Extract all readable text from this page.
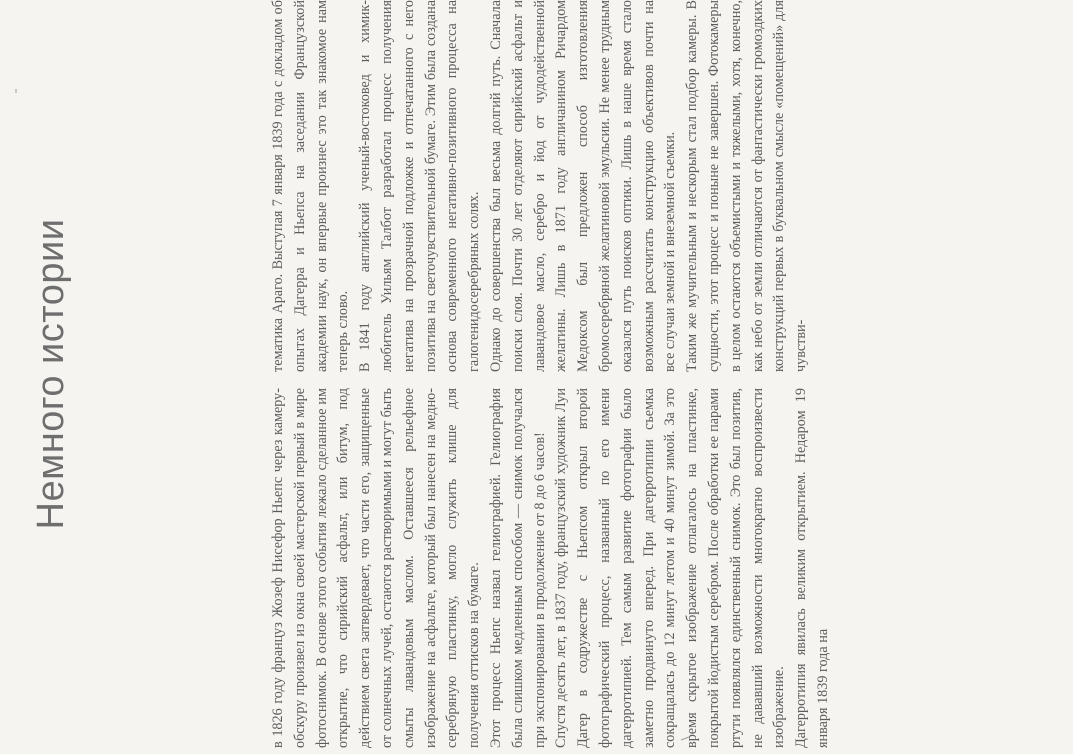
Немного истории

в 1826 году француз Жозеф Нисефор Ньепс через камеру-обскуру произвел из окна своей мастерской первый в мире фотоснимок. В основе этого события лежало сделанное им открытие, что сирийский асфальт, или битум, под действием света затвердевает, что части его, защищенные от солнечных лучей, остаются растворимыми и могут быть смыты лавандовым маслом. Оставшееся рельефное изображение на асфальте, который был нанесен на медно-серебряную пластинку, могло служить клише для получения оттисков на бумаге. Этот процесс Ньепс назвал гелиографией. Гелиография была слишком медленным способом — снимок получался при экспонировании в продолжение от 8 до 6 часов! Спустя десять лет, в 1837 году, французский художник Луи Дагер в содружестве с Ньепсом открыл второй фотографический процесс, названный по его имени дагерротипией. Тем самым развитие фотографии было заметно продвинуто вперед. При дагерротипии съемка сокращалась до 12 минут летом и 40 минут зимой. За это время скрытое изображение отлагалось на пластинке, покрытой йодистым серебром. После обработки ее парами ртути появлялся единственный снимок. Это был позитив, не дававший возможности многократно воспроизвести изображение. Дагерротипия явилась великим открытием. Недаром 19 января 1839 года на

тематика Араго. Выступая 7 января 1839 года с докладом об опытах Дагерра и Ньепса на заседании Французской академии наук, он впервые произнес это так знакомое нам теперь слово. В 1841 году английский ученый-востоковед и химик-любитель Уильям Талбот разработал процесс получения негатива на прозрачной подложке и отпечатанного с него позитива на светочувствительной бумаге. Этим была создана основа современного негативно-позитивного процесса на галогенидосеребряных солях. Однако до совершенства был весьма долгий путь. Сначала поиски слоя. Почти 30 лет отделяют сирийский асфальт и лавандовое масло, серебро и йод от чудодейственной желатины. Лишь в 1871 году англичанином Ричардом Медоксом был предложен способ изготовления бромосеребряной желатиновой эмульсии. Не менее трудным оказался путь поисков оптики. Лишь в наше время стало возможным рассчитать конструкцию объективов почти на все случаи земной и внеземной съемки. Таким же мучительным и нескорым стал подбор камеры. В сущности, этот процесс и поныне не завершен. Фотокамеры в целом остаются объемистыми и тяжелыми, хотя, конечно, как небо от земли отличаются от фантастически громоздких конструкций первых в буквальном смысле «помещений» для чувстви-
